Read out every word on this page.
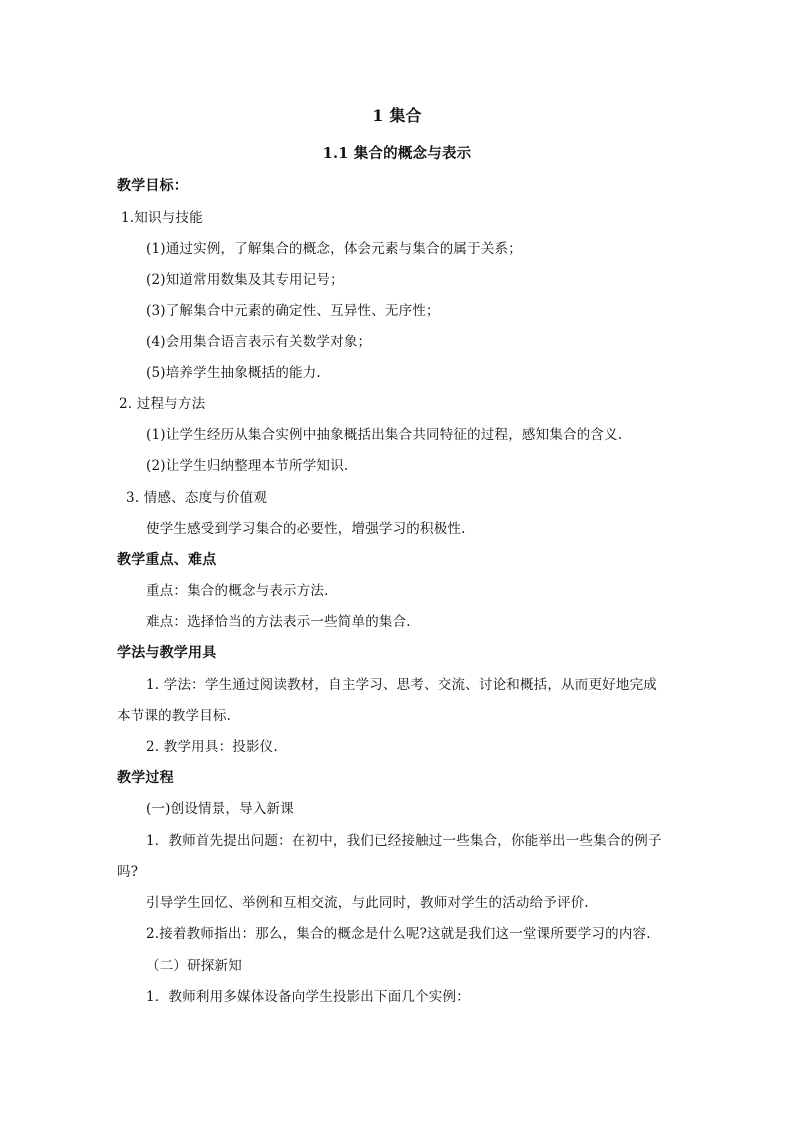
1 集合
1.1 集合的概念与表示
教学目标：
1.知识与技能
(1)通过实例，了解集合的概念，体会元素与集合的属于关系；
(2)知道常用数集及其专用记号；
(3)了解集合中元素的确定性、互异性、无序性；
(4)会用集合语言表示有关数学对象；
(5)培养学生抽象概括的能力.
2. 过程与方法
(1)让学生经历从集合实例中抽象概括出集合共同特征的过程，感知集合的含义.
(2)让学生归纳整理本节所学知识.
3. 情感、态度与价值观
使学生感受到学习集合的必要性，增强学习的积极性.
教学重点、难点
重点：集合的概念与表示方法.
难点：选择恰当的方法表示一些简单的集合.
学法与教学用具
1. 学法：学生通过阅读教材，自主学习、思考、交流、讨论和概括，从而更好地完成
本节课的教学目标.
2. 教学用具：投影仪.
教学过程
(一)创设情景，导入新课
1．教师首先提出问题：在初中，我们已经接触过一些集合，你能举出一些集合的例子
吗?
引导学生回忆、举例和互相交流，与此同时，教师对学生的活动给予评价.
2.接着教师指出：那么，集合的概念是什么呢?这就是我们这一堂课所要学习的内容.
（二）研探新知
1．教师利用多媒体设备向学生投影出下面几个实例：
